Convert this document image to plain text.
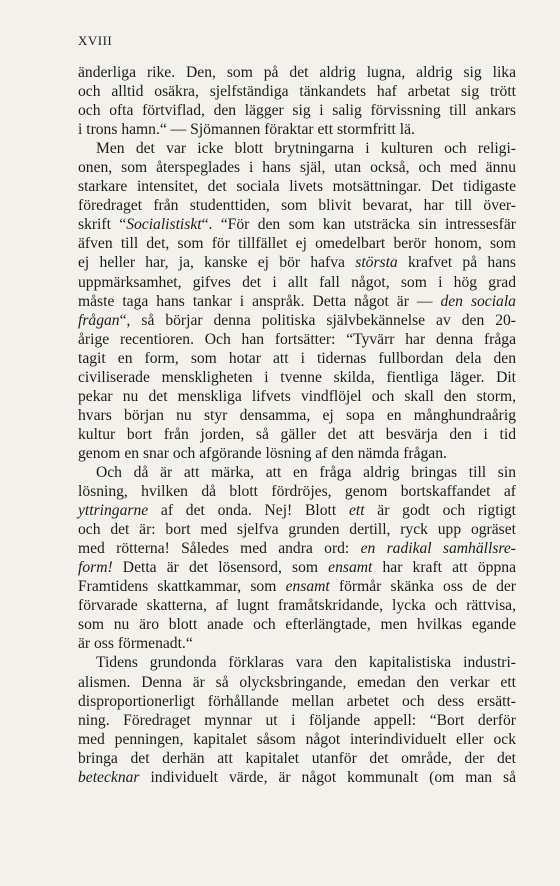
XVIII
änderliga rike. Den, som på det aldrig lugna, aldrig sig lika
och alltid osäkra, sjelfständiga tänkandets haf arbetat sig trött
och ofta förtviflad, den lägger sig i salig förvissning till ankars
i trons hamn.“ — Sjömannen föraktar ett stormfritt lä.
Men det var icke blott brytningarna i kulturen och religi-
onen, som återspeglades i hans själ, utan också, och med ännu
starkare intensitet, det sociala livets motsättningar. Det tidigaste
föredraget från studenttiden, som blivit bevarat, har till över-
skrift “Socialistiskt“. “För den som kan utsträcka sin intressesfär
äfven till det, som för tillfället ej omedelbart berör honom, som
ej heller har, ja, kanske ej bör hafva största krafvet på hans
uppmärksamhet, gifves det i allt fall något, som i hög grad
måste taga hans tankar i anspråk. Detta något är — den sociala
frågan“, så börjar denna politiska självbekännelse av den 20-
årige recentioren. Och han fortsätter: “Tyvärr har denna fråga
tagit en form, som hotar att i tidernas fullbordan dela den
civiliserade menskligheten i tvenne skilda, fientliga läger. Dit
pekar nu det menskliga lifvets vindflöjel och skall den storm,
hvars början nu styr densamma, ej sopa en månghundraårig
kultur bort från jorden, så gäller det att besvärja den i tid
genom en snar och afgörande lösning af den nämda frågan.
Och då är att märka, att en fråga aldrig bringas till sin
lösning, hvilken då blott fördröjes, genom bortskaffandet af
yttringarne af det onda. Nej! Blott ett är godt och rigtigt
och det är: bort med sjelfva grunden dertill, ryck upp ogräset
med rötterna! Således med andra ord: en radikal samhällsre-
form! Detta är det lösensord, som ensamt har kraft att öppna
Framtidens skattkammar, som ensamt förmår skänka oss de der
förvarade skatterna, af lugnt framåtskridande, lycka och rättvisa,
som nu äro blott anade och efterlängtade, men hvilkas egande
är oss förmenadt.“
Tidens grundonda förklaras vara den kapitalistiska industri-
alismen. Denna är så olycksbringande, emedan den verkar ett
disproportionerligt förhållande mellan arbetet och dess ersätt-
ning. Föredraget mynnar ut i följande appell: “Bort derför
med penningen, kapitalet såsom något interindividuelt eller ock
bringa det derhän att kapitalet utanför det område, der det
betecknar individuelt värde, är något kommunalt (om man så
